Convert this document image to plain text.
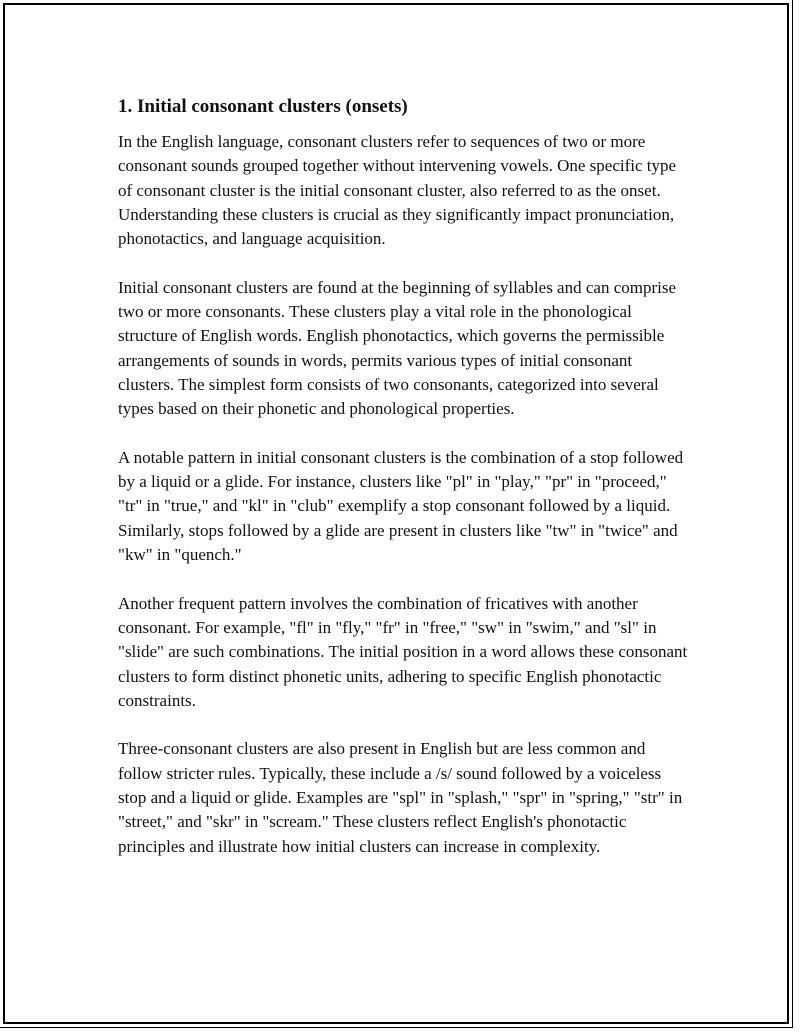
1. Initial consonant clusters (onsets)

In the English language, consonant clusters refer to sequences of two or more consonant sounds grouped together without intervening vowels. One specific type of consonant cluster is the initial consonant cluster, also referred to as the onset. Understanding these clusters is crucial as they significantly impact pronunciation, phonotactics, and language acquisition.

Initial consonant clusters are found at the beginning of syllables and can comprise two or more consonants. These clusters play a vital role in the phonological structure of English words. English phonotactics, which governs the permissible arrangements of sounds in words, permits various types of initial consonant clusters. The simplest form consists of two consonants, categorized into several types based on their phonetic and phonological properties.

A notable pattern in initial consonant clusters is the combination of a stop followed by a liquid or a glide. For instance, clusters like "pl" in "play," "pr" in "proceed," "tr" in "true," and "kl" in "club" exemplify a stop consonant followed by a liquid. Similarly, stops followed by a glide are present in clusters like "tw" in "twice" and "kw" in "quench."

Another frequent pattern involves the combination of fricatives with another consonant. For example, "fl" in "fly," "fr" in "free," "sw" in "swim," and "sl" in "slide" are such combinations. The initial position in a word allows these consonant clusters to form distinct phonetic units, adhering to specific English phonotactic constraints.

Three-consonant clusters are also present in English but are less common and follow stricter rules. Typically, these include a /s/ sound followed by a voiceless stop and a liquid or glide. Examples are "spl" in "splash," "spr" in "spring," "str" in "street," and "skr" in "scream." These clusters reflect English's phonotactic principles and illustrate how initial clusters can increase in complexity.
